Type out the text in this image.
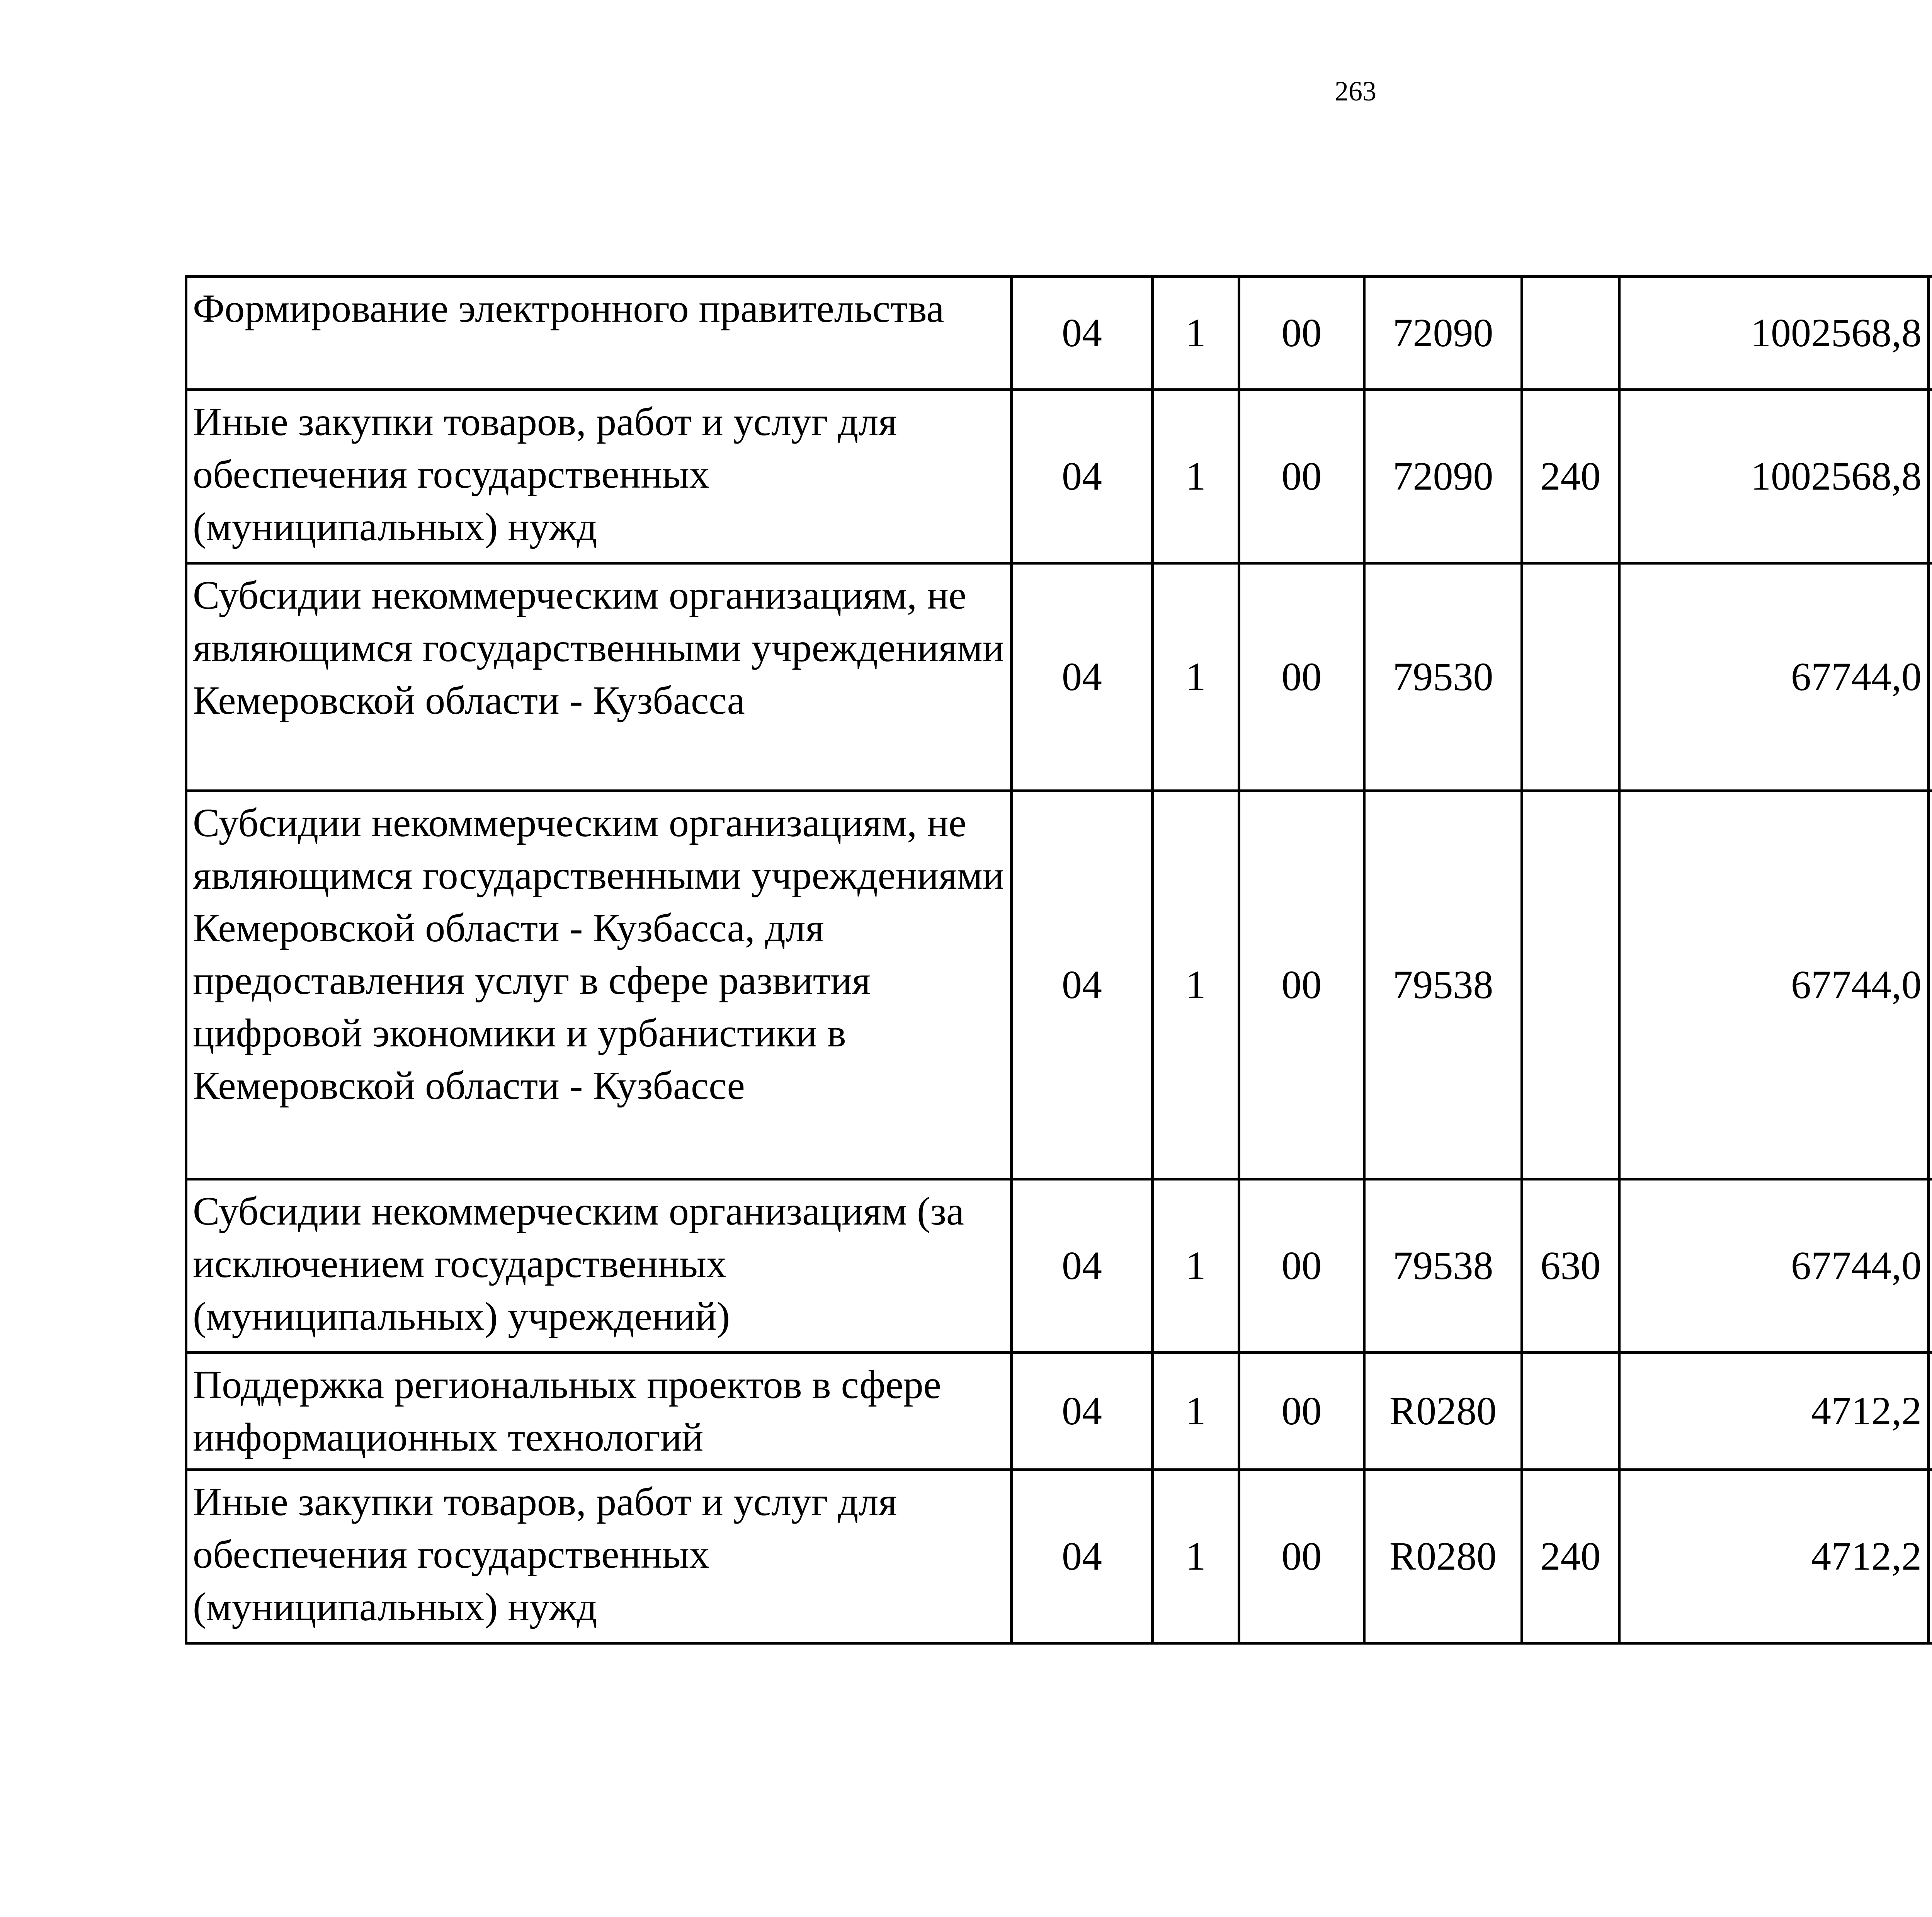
263
Формирование электронного правительства	04	1	00	72090		1002568,8		
Иные закупки товаров, работ и услуг для обеспечения государственных (муниципальных) нужд	04	1	00	72090	240	1002568,8		
Субсидии некоммерческим организациям, не являющимся государственными учреждениями Кемеровской области - Кузбасса	04	1	00	79530		67744,0		
Субсидии некоммерческим организациям, не являющимся государственными учреждениями Кемеровской области - Кузбасса, для предоставления услуг в сфере развития цифровой экономики и урбанистики в Кемеровской области - Кузбассе	04	1	00	79538		67744,0		
Субсидии некоммерческим организациям (за исключением государственных (муниципальных) учреждений)	04	1	00	79538	630	67744,0		
Поддержка региональных проектов в сфере информационных технологий	04	1	00	R0280		4712,2		
Иные закупки товаров, работ и услуг для обеспечения государственных (муниципальных) нужд	04	1	00	R0280	240	4712,2		
